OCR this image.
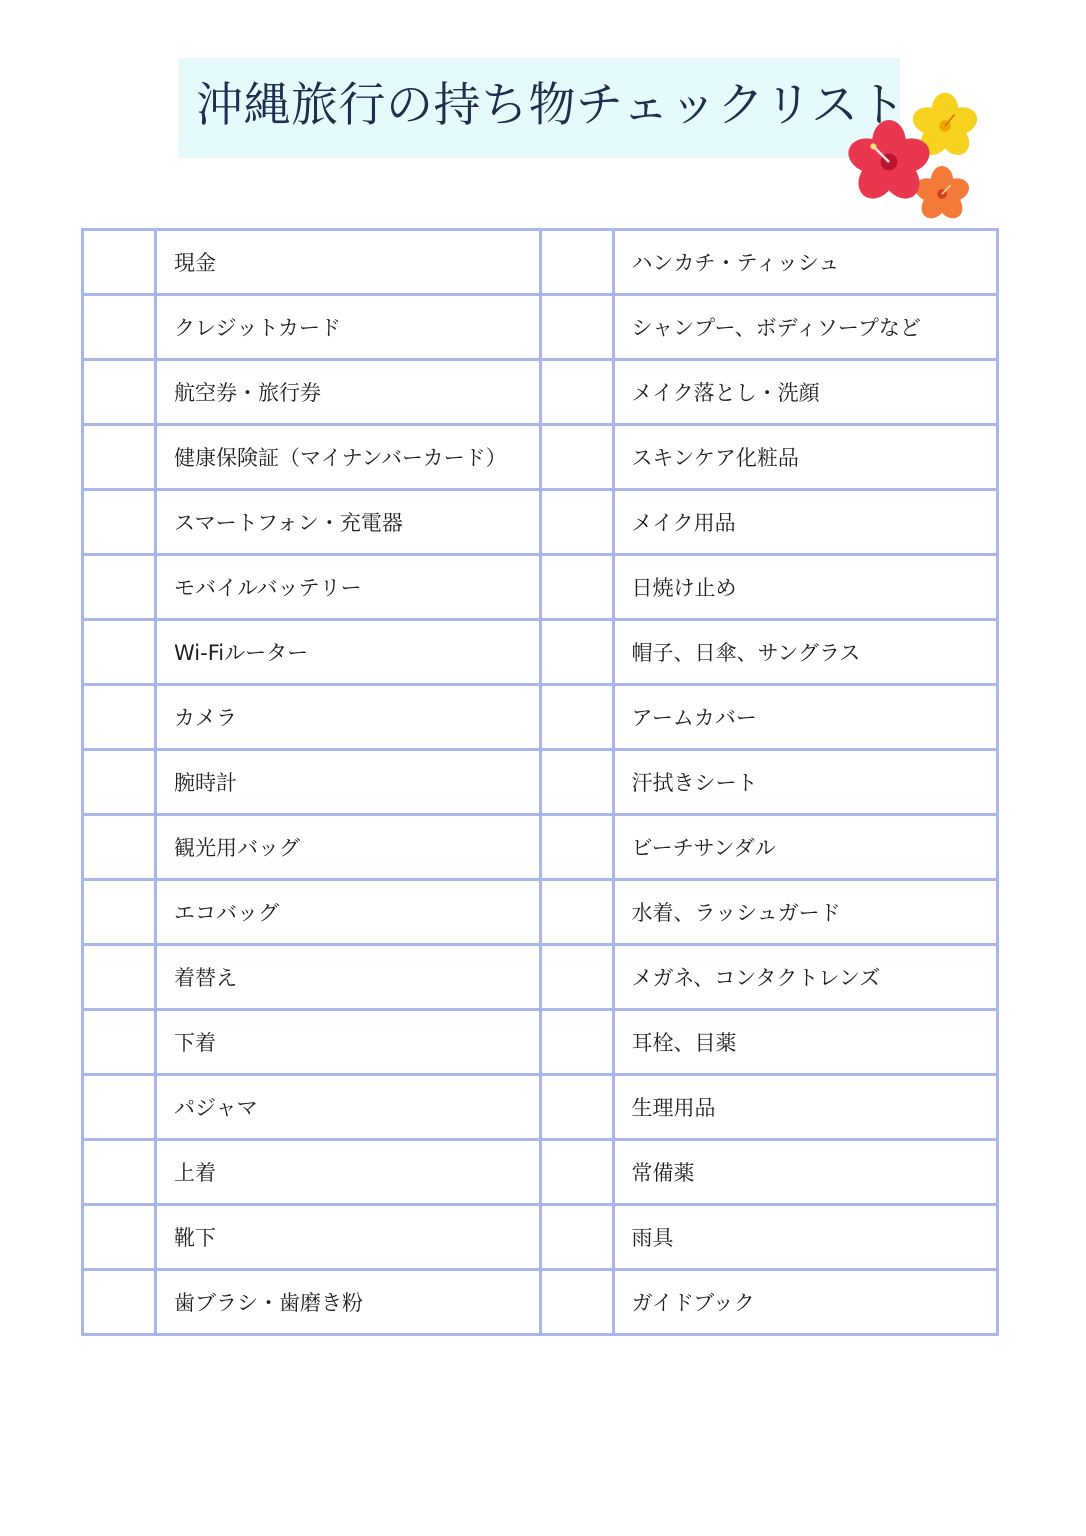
沖縄旅行の持ち物チェックリスト
	現金		ハンカチ・ティッシュ
	クレジットカード		シャンプー、ボディソープなど
	航空券・旅行券		メイク落とし・洗顔
	健康保険証（マイナンバーカード）		スキンケア化粧品
	スマートフォン・充電器		メイク用品
	モバイルバッテリー		日焼け止め
	Wi-Fiルーター		帽子、日傘、サングラス
	カメラ		アームカバー
	腕時計		汗拭きシート
	観光用バッグ		ビーチサンダル
	エコバッグ		水着、ラッシュガード
	着替え		メガネ、コンタクトレンズ
	下着		耳栓、目薬
	パジャマ		生理用品
	上着		常備薬
	靴下		雨具
	歯ブラシ・歯磨き粉		ガイドブック
